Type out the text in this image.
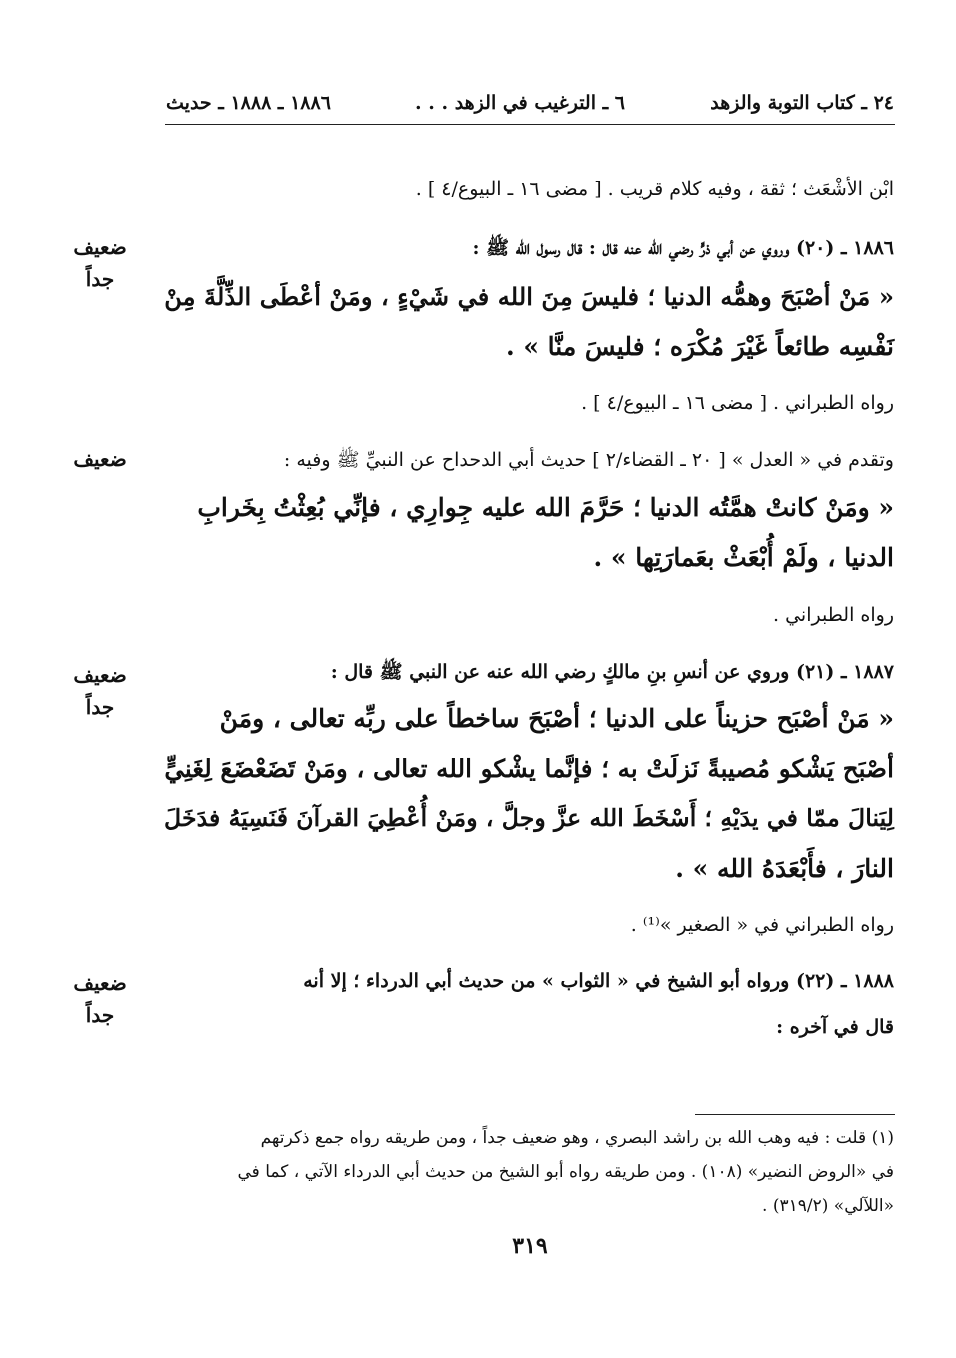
٢٤ ـ كتاب التوبة والزهد
٦ ـ الترغيب في الزهد . . .
١٨٨٦ ـ ١٨٨٨ ـ حديث
ابْن الأشْعَث ؛ ثقة ، وفيه كلام قريب . [ مضى ١٦ ـ البيوع/٤ ] .
١٨٨٦ ـ (٢٠) وروي عن أبي ذرٍّ رضي الله عنه قال : قال رسول الله ﷺ :
« مَنْ أصْبَحَ وهمُّه الدنيا ؛ فليسَ مِنَ الله في شَيْءٍ ، ومَنْ أعْطَى الذِّلَّةَ مِنْ
نَفْسِه طائعاً غَيْرَ مُكْرَه ؛ فليسَ منَّا » .
رواه الطبراني . [ مضى ١٦ ـ البيوع/٤ ] .
وتقدم في « العدل » [ ٢٠ ـ القضاء/٢ ] حديث أبي الدحداح عن النبيِّ ﷺ وفيه :
« ومَنْ كانتْ همَّتُه الدنيا ؛ حَرَّمَ الله عليه جِوارِي ، فإنِّي بُعِثْتُ بِخَرابِ
الدنيا ، ولَمْ أُبْعَثْ بعَمارَتِها » .
رواه الطبراني .
١٨٨٧ ـ (٢١) وروي عن أنسِ بنِ مالكٍ رضي الله عنه عن النبي ﷺ قال :
« مَنْ أصْبَح حزيناً على الدنيا ؛ أصْبَحَ ساخطاً على ربِّه تعالى ، ومَنْ
أصْبَح يَشْكو مُصيبةً نَزلَتْ به ؛ فإنَّما يشْكو الله تعالى ، ومَنْ تَضَعْضَعَ لِغَنِيٍّ
لِيَنالَ ممّا في يدَيْهِ ؛ أَسْخَطَ الله عزَّ وجلَّ ، ومَنْ أُعْطِيَ القرآنَ فَنَسِيَهُ فدَخَلَ
النارَ ، فأَبْعَدَهُ الله » .
رواه الطبراني في « الصغير »⁽¹⁾ .
١٨٨٨ ـ (٢٢) ورواه أبو الشيخ في « الثواب » من حديث أبي الدرداء ؛ إلا أنه
قال في آخره :
ضعيف
جداً
ضعيف
ضعيف
جداً
ضعيف
جداً
(١) قلت : فيه وهب الله بن راشد البصري ، وهو ضعيف جداً ، ومن طريقه رواه جمع ذكرتهم
في «الروض النضير» (١٠٨) . ومن طريقه رواه أبو الشيخ من حديث أبي الدرداء الآتي ، كما في
«اللآلي» (٣١٩/٢) .
٣١٩
